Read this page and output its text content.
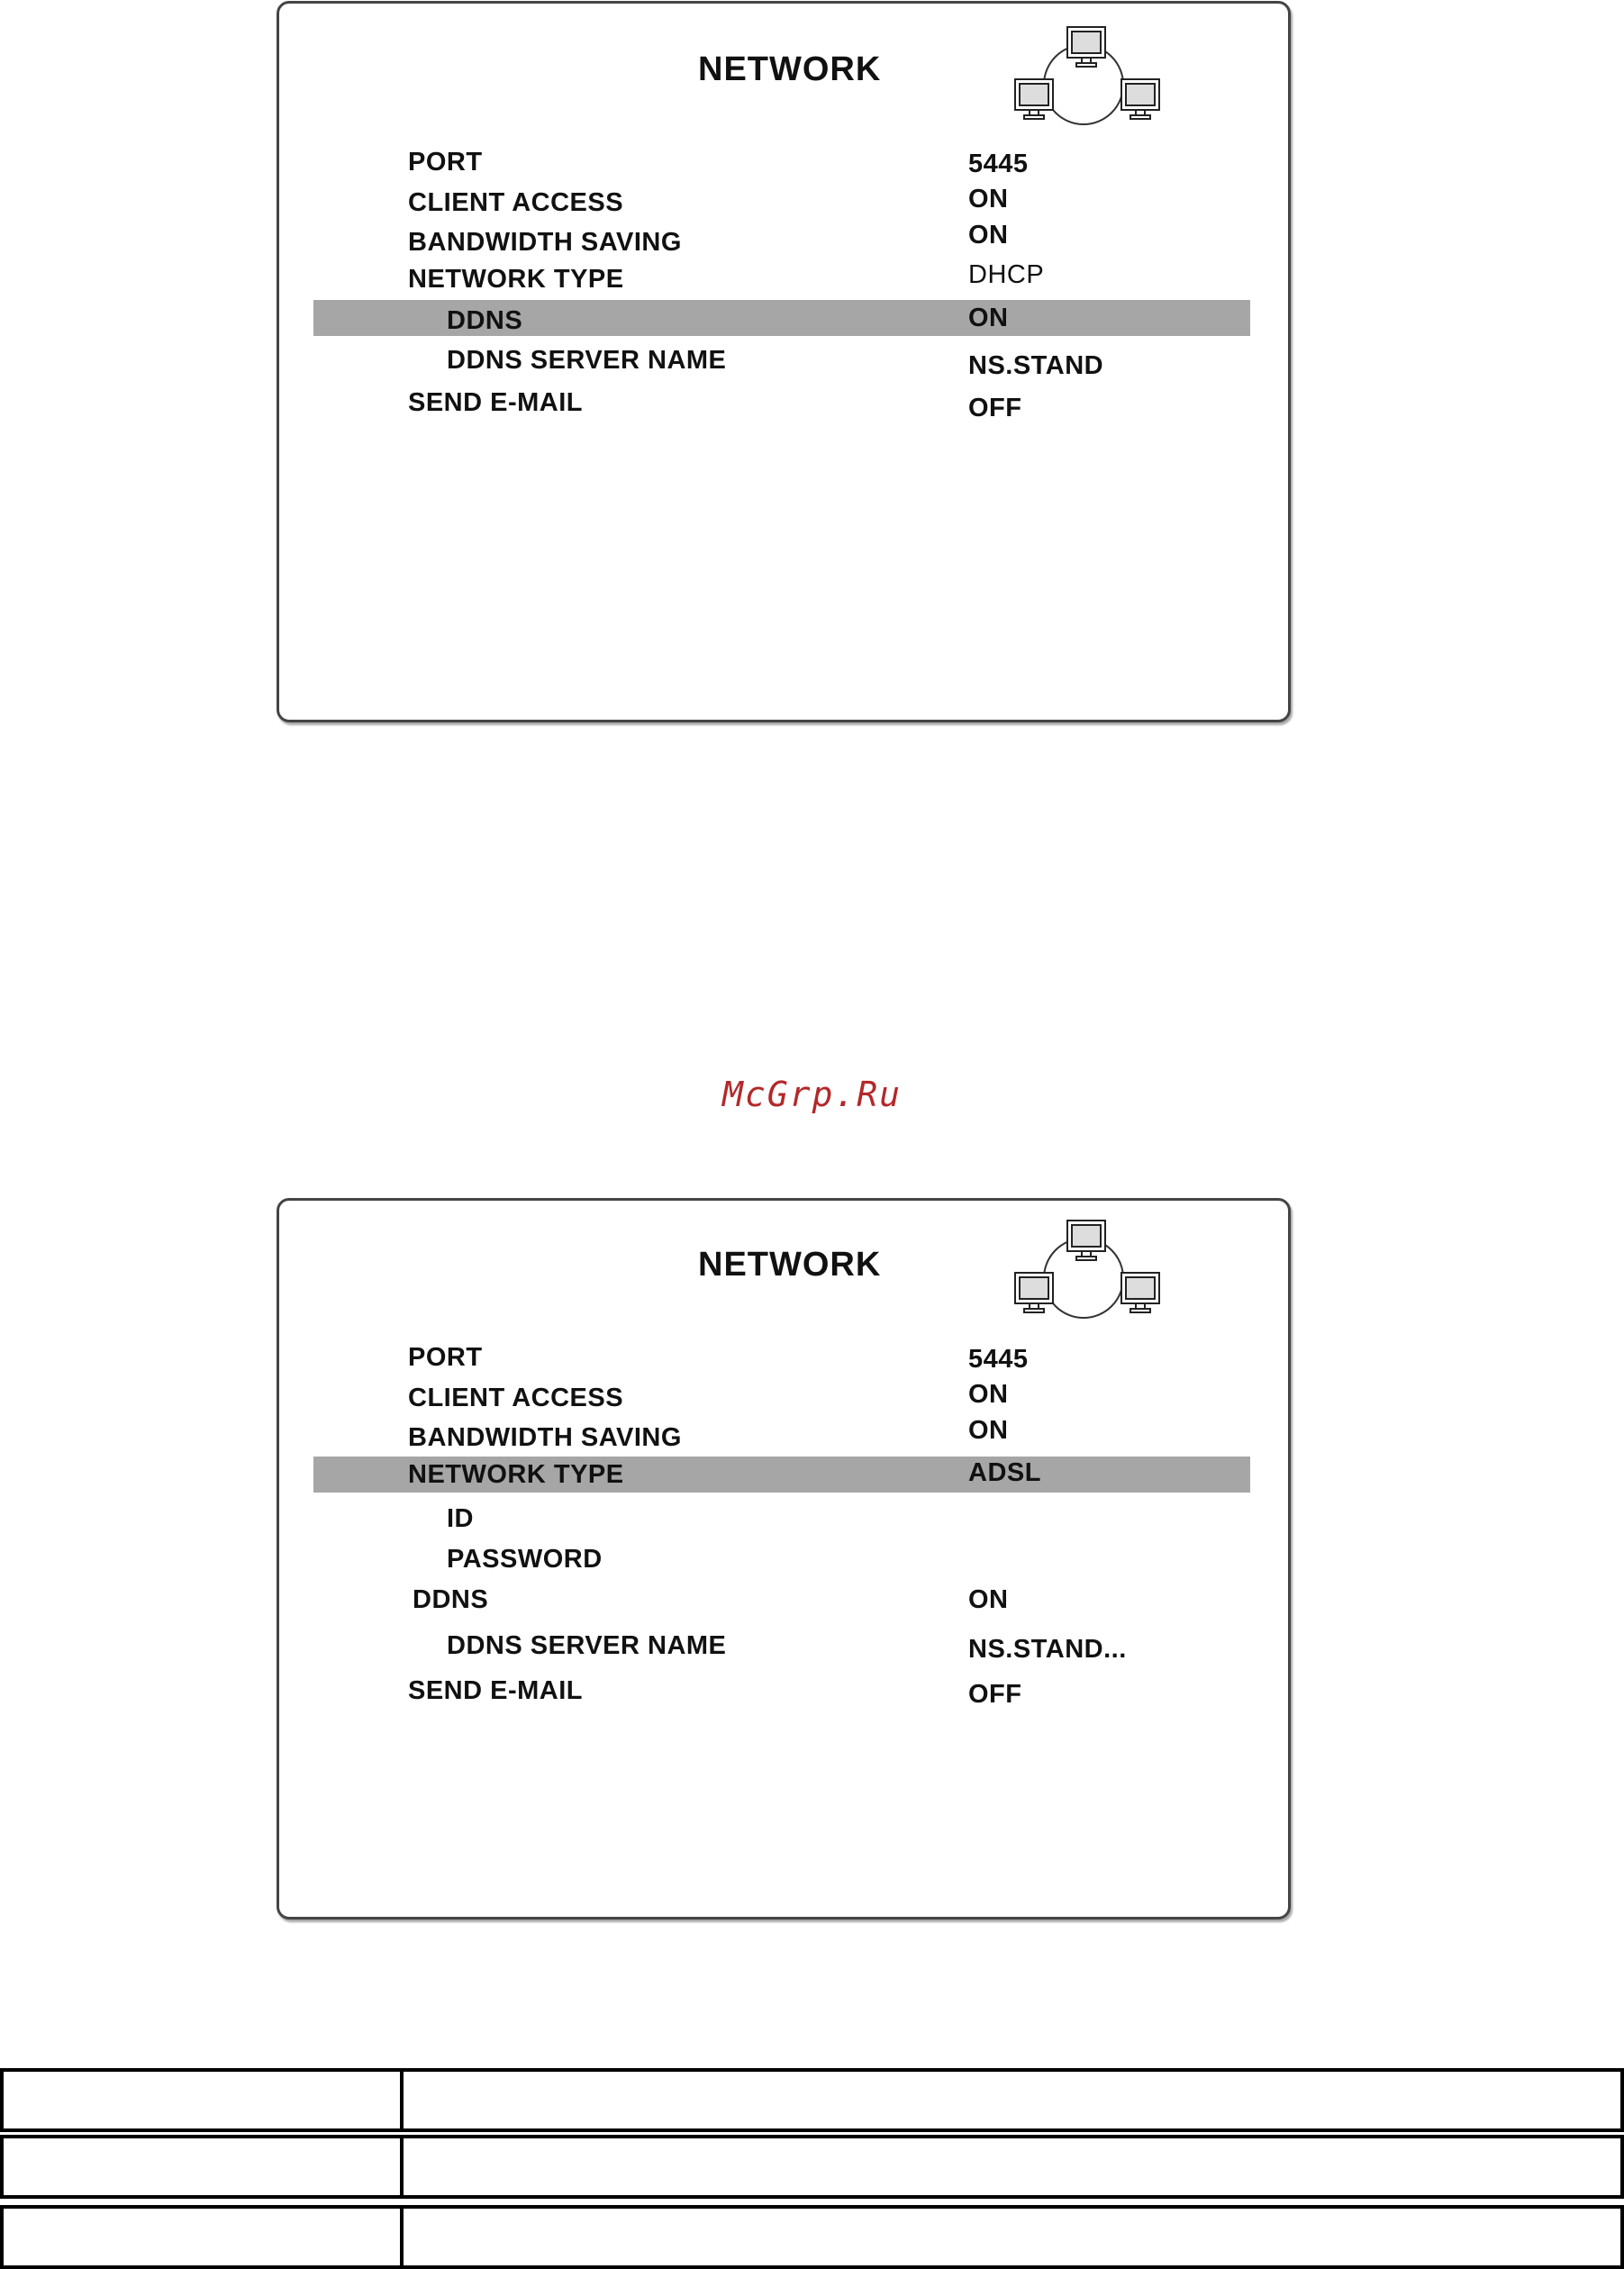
NETWORK
PORT	5445
CLIENT ACCESS	ON
BANDWIDTH SAVING	ON
NETWORK TYPE	DHCP
DDNS	ON
DDNS SERVER NAME	NS.STAND
SEND E-MAIL	OFF
McGrp.Ru
NETWORK
PORT	5445
CLIENT ACCESS	ON
BANDWIDTH SAVING	ON
NETWORK TYPE	ADSL
ID
PASSWORD
DDNS	ON
DDNS SERVER NAME	NS.STAND...
SEND E-MAIL	OFF
